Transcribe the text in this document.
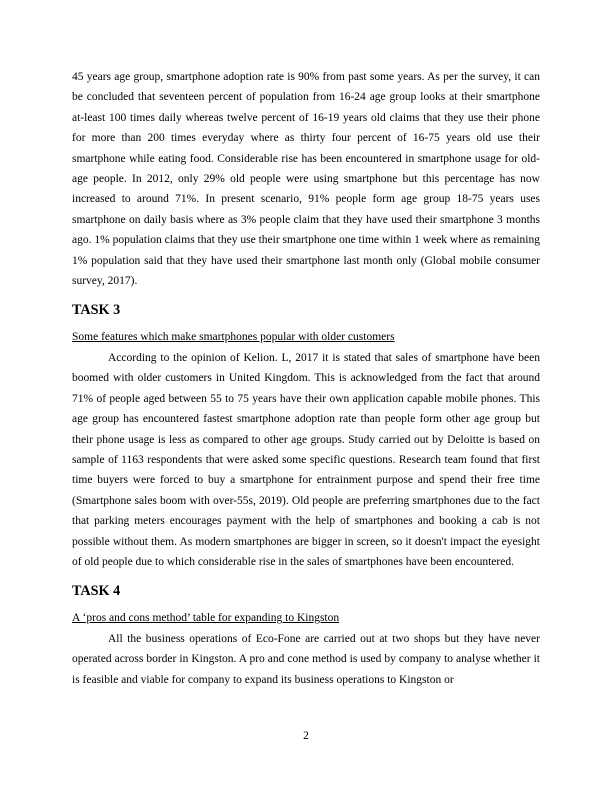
45 years age group, smartphone adoption rate is 90% from past some years. As per the survey, it can be concluded that seventeen percent of population from 16-24 age group looks at their smartphone at-least 100 times daily whereas twelve percent of 16-19 years old claims that they use their phone for more than 200 times everyday where as thirty four percent of 16-75 years old use their smartphone while eating food. Considerable rise has been encountered in smartphone usage for old-age people. In 2012, only 29% old people were using smartphone but this percentage has now increased to around 71%. In present scenario, 91% people form age group 18-75 years uses smartphone on daily basis where as 3% people claim that they have used their smartphone 3 months ago. 1% population claims that they use their smartphone one time within 1 week where as remaining 1% population said that they have used their smartphone last month only (Global mobile consumer survey, 2017).

TASK 3

Some features which make smartphones popular with older customers

According to the opinion of Kelion. L, 2017 it is stated that sales of smartphone have been boomed with older customers in United Kingdom. This is acknowledged from the fact that around 71% of people aged between 55 to 75 years have their own application capable mobile phones. This age group has encountered fastest smartphone adoption rate than people form other age group but their phone usage is less as compared to other age groups. Study carried out by Deloitte is based on sample of 1163 respondents that were asked some specific questions. Research team found that first time buyers were forced to buy a smartphone for entrainment purpose and spend their free time (Smartphone sales boom with over-55s, 2019). Old people are preferring smartphones due to the fact that parking meters encourages payment with the help of smartphones and booking a cab is not possible without them. As modern smartphones are bigger in screen, so it doesn't impact the eyesight of old people due to which considerable rise in the sales of smartphones have been encountered.

TASK 4

A ‘pros and cons method’ table for expanding to Kingston

All the business operations of Eco-Fone are carried out at two shops but they have never operated across border in Kingston. A pro and cone method is used by company to analyse whether it is feasible and viable for company to expand its business operations to Kingston or

2
